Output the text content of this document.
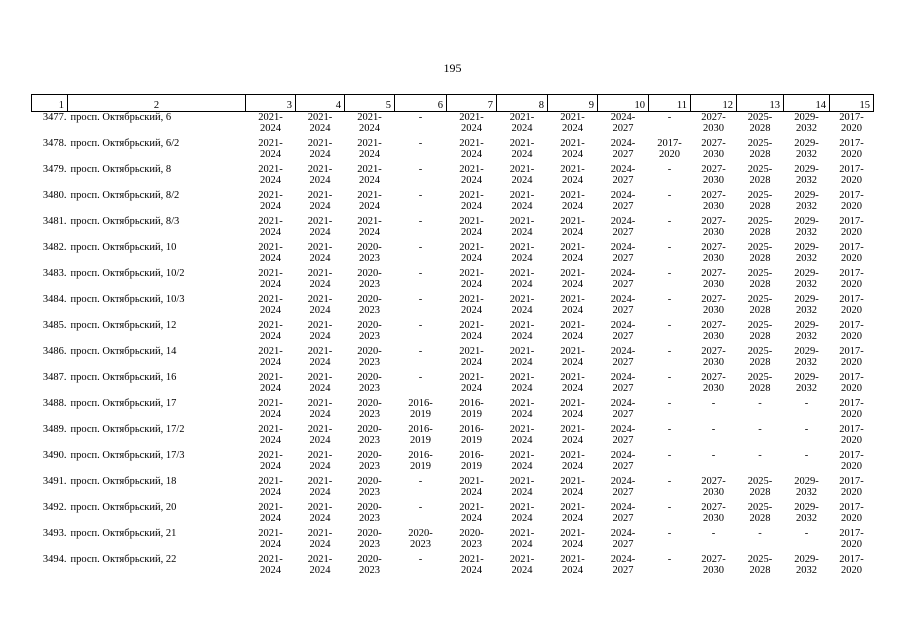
195
1	2	3	4	5	6	7	8	9	10	11	12	13	14	15
3477.	просп. Октябрьский, 6	2021-
2024	2021-
2024	2021-
2024	-	2021-
2024	2021-
2024	2021-
2024	2024-
2027	-	2027-
2030	2025-
2028	2029-
2032	2017-
2020

3478.	просп. Октябрьский, 6/2	2021-
2024	2021-
2024	2021-
2024	-	2021-
2024	2021-
2024	2021-
2024	2024-
2027	2017-
2020	2027-
2030	2025-
2028	2029-
2032	2017-
2020

3479.	просп. Октябрьский, 8	2021-
2024	2021-
2024	2021-
2024	-	2021-
2024	2021-
2024	2021-
2024	2024-
2027	-	2027-
2030	2025-
2028	2029-
2032	2017-
2020

3480.	просп. Октябрьский, 8/2	2021-
2024	2021-
2024	2021-
2024	-	2021-
2024	2021-
2024	2021-
2024	2024-
2027	-	2027-
2030	2025-
2028	2029-
2032	2017-
2020

3481.	просп. Октябрьский, 8/3	2021-
2024	2021-
2024	2021-
2024	-	2021-
2024	2021-
2024	2021-
2024	2024-
2027	-	2027-
2030	2025-
2028	2029-
2032	2017-
2020

3482.	просп. Октябрьский, 10	2021-
2024	2021-
2024	2020-
2023	-	2021-
2024	2021-
2024	2021-
2024	2024-
2027	-	2027-
2030	2025-
2028	2029-
2032	2017-
2020

3483.	просп. Октябрьский, 10/2	2021-
2024	2021-
2024	2020-
2023	-	2021-
2024	2021-
2024	2021-
2024	2024-
2027	-	2027-
2030	2025-
2028	2029-
2032	2017-
2020

3484.	просп. Октябрьский, 10/3	2021-
2024	2021-
2024	2020-
2023	-	2021-
2024	2021-
2024	2021-
2024	2024-
2027	-	2027-
2030	2025-
2028	2029-
2032	2017-
2020

3485.	просп. Октябрьский, 12	2021-
2024	2021-
2024	2020-
2023	-	2021-
2024	2021-
2024	2021-
2024	2024-
2027	-	2027-
2030	2025-
2028	2029-
2032	2017-
2020

3486.	просп. Октябрьский, 14	2021-
2024	2021-
2024	2020-
2023	-	2021-
2024	2021-
2024	2021-
2024	2024-
2027	-	2027-
2030	2025-
2028	2029-
2032	2017-
2020

3487.	просп. Октябрьский, 16	2021-
2024	2021-
2024	2020-
2023	-	2021-
2024	2021-
2024	2021-
2024	2024-
2027	-	2027-
2030	2025-
2028	2029-
2032	2017-
2020

3488.	просп. Октябрьский, 17	2021-
2024	2021-
2024	2020-
2023	2016-
2019	2016-
2019	2021-
2024	2021-
2024	2024-
2027	-	-	-	-	2017-
2020

3489.	просп. Октябрьский, 17/2	2021-
2024	2021-
2024	2020-
2023	2016-
2019	2016-
2019	2021-
2024	2021-
2024	2024-
2027	-	-	-	-	2017-
2020

3490.	просп. Октябрьский, 17/3	2021-
2024	2021-
2024	2020-
2023	2016-
2019	2016-
2019	2021-
2024	2021-
2024	2024-
2027	-	-	-	-	2017-
2020

3491.	просп. Октябрьский, 18	2021-
2024	2021-
2024	2020-
2023	-	2021-
2024	2021-
2024	2021-
2024	2024-
2027	-	2027-
2030	2025-
2028	2029-
2032	2017-
2020

3492.	просп. Октябрьский, 20	2021-
2024	2021-
2024	2020-
2023	-	2021-
2024	2021-
2024	2021-
2024	2024-
2027	-	2027-
2030	2025-
2028	2029-
2032	2017-
2020

3493.	просп. Октябрьский, 21	2021-
2024	2021-
2024	2020-
2023	2020-
2023	2020-
2023	2021-
2024	2021-
2024	2024-
2027	-	-	-	-	2017-
2020

3494.	просп. Октябрьский, 22	2021-
2024	2021-
2024	2020-
2023	-	2021-
2024	2021-
2024	2021-
2024	2024-
2027	-	2027-
2030	2025-
2028	2029-
2032	2017-
2020
